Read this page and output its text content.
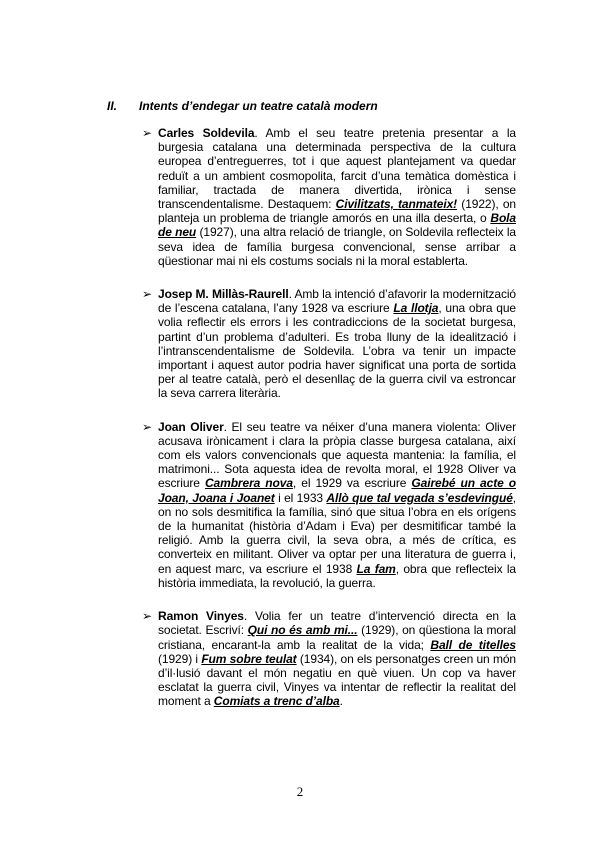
II. Intents d’endegar un teatre català modern
➢ Carles Soldevila. Amb el seu teatre pretenia presentar a la burgesia catalana una determinada perspectiva de la cultura europea d’entreguerres, tot i que aquest plantejament va quedar reduït a un ambient cosmopolita, farcit d’una temàtica domèstica i familiar, tractada de manera divertida, irònica i sense transcendentalisme. Destaquem: Civilitzats, tanmateix! (1922), on planteja un problema de triangle amorós en una illa deserta, o Bola de neu (1927), una altra relació de triangle, on Soldevila reflecteix la seva idea de família burgesa convencional, sense arribar a qüestionar mai ni els costums socials ni la moral establerta.

➢ Josep M. Millàs-Raurell. Amb la intenció d’afavorir la modernització de l’escena catalana, l’any 1928 va escriure La llotja, una obra que volia reflectir els errors i les contradiccions de la societat burgesa, partint d’un problema d’adulteri. Es troba lluny de la idealització i l’intranscendentalisme de Soldevila. L’obra va tenir un impacte important i aquest autor podria haver significat una porta de sortida per al teatre català, però el desenllaç de la guerra civil va estroncar la seva carrera literària.

➢ Joan Oliver. El seu teatre va néixer d’una manera violenta: Oliver acusava irònicament i clara la pròpia classe burgesa catalana, així com els valors convencionals que aquesta mantenia: la família, el matrimoni... Sota aquesta idea de revolta moral, el 1928 Oliver va escriure Cambrera nova, el 1929 va escriure Gairebé un acte o Joan, Joana i Joanet i el 1933 Allò que tal vegada s’esdevingué, on no sols desmitifica la família, sinó que situa l’obra en els orígens de la humanitat (història d’Adam i Eva) per desmitificar també la religió. Amb la guerra civil, la seva obra, a més de crítica, es converteix en militant. Oliver va optar per una literatura de guerra i, en aquest marc, va escriure el 1938 La fam, obra que reflecteix la història immediata, la revolució, la guerra.

➢ Ramon Vinyes. Volia fer un teatre d’intervenció directa en la societat. Escriví: Qui no és amb mi... (1929), on qüestiona la moral cristiana, encarant-la amb la realitat de la vida; Ball de titelles (1929) i Fum sobre teulat (1934), on els personatges creen un món d’il·lusió davant el món negatiu en què viuen. Un cop va haver esclatat la guerra civil, Vinyes va intentar de reflectir la realitat del moment a Comiats a trenc d’alba.

2
